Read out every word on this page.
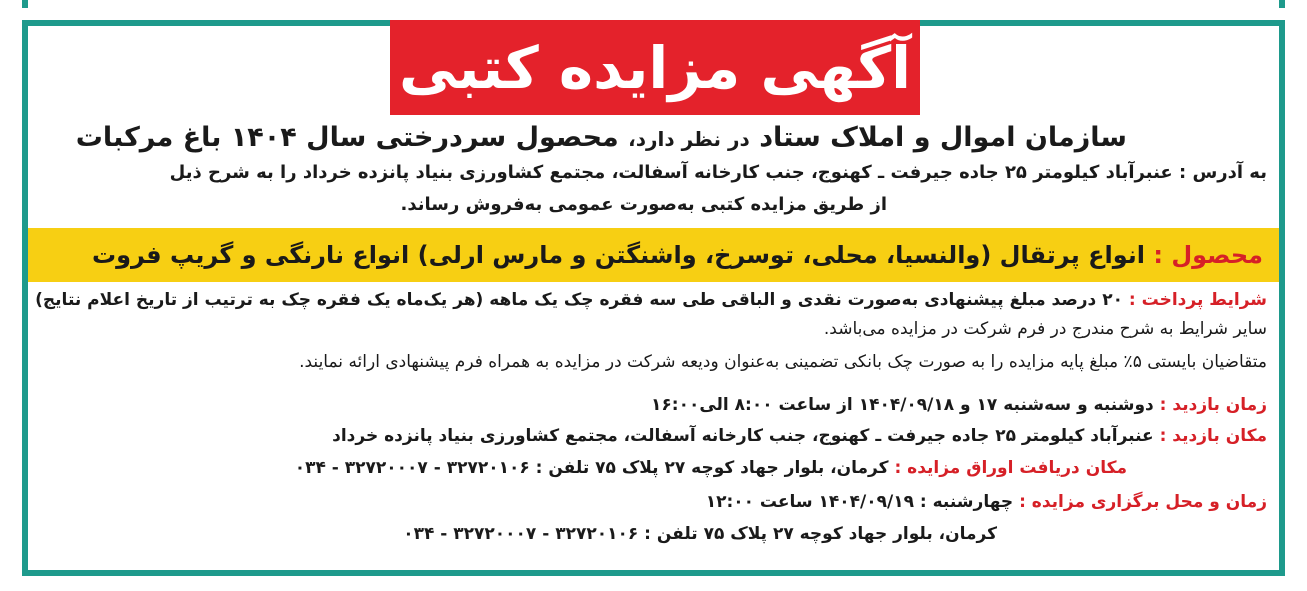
آگهی مزایده کتبی
سازمان اموال و املاک ستاد در نظر دارد، محصول سردرختی سال ۱۴۰۴ باغ مرکبات
به آدرس : عنبرآباد کیلومتر ۲۵ جاده جیرفت ـ کهنوج، جنب کارخانه آسفالت، مجتمع کشاورزی بنیاد پانزده خرداد را به شرح ذیل
از طریق مزایده کتبی به‌صورت عمومی به‌فروش رساند.
محصول :

انواع پرتقال (والنسیا، محلی، توسرخ، واشنگتن و مارس ارلی) انواع نارنگی و گریپ فروت
شرایط پرداخت : ۲۰ درصد مبلغ پیشنهادی به‌صورت نقدی و الباقی طی سه فقره چک یک ماهه (هر یک‌ماه یک فقره چک به ترتیب از تاریخ اعلام نتایج)
سایر شرایط به شرح مندرج در فرم شرکت در مزایده می‌باشد.
متقاضیان بایستی ۵٪ مبلغ پایه مزایده را به صورت چک بانکی تضمینی به‌عنوان ودیعه شرکت در مزایده به همراه فرم پیشنهادی ارائه نمایند.
زمان بازدید : دوشنبه و سه‌شنبه ۱۷ و ۱۴۰۴/۰۹/۱۸ از ساعت ۸:۰۰ الی۱۶:۰۰
مکان بازدید : عنبرآباد کیلومتر ۲۵ جاده جیرفت ـ کهنوج، جنب کارخانه آسفالت، مجتمع کشاورزی بنیاد پانزده خرداد
مکان دریافت اوراق مزایده : کرمان، بلوار جهاد کوچه ۲۷ پلاک ۷۵ تلفن : ۳۲۷۲۰۱۰۶ - ۳۲۷۲۰۰۰۷ - ۰۳۴
زمان و محل برگزاری مزایده : چهارشنبه : ۱۴۰۴/۰۹/۱۹ ساعت ۱۲:۰۰
کرمان، بلوار جهاد کوچه ۲۷ پلاک ۷۵ تلفن : ۳۲۷۲۰۱۰۶ - ۳۲۷۲۰۰۰۷ - ۰۳۴
